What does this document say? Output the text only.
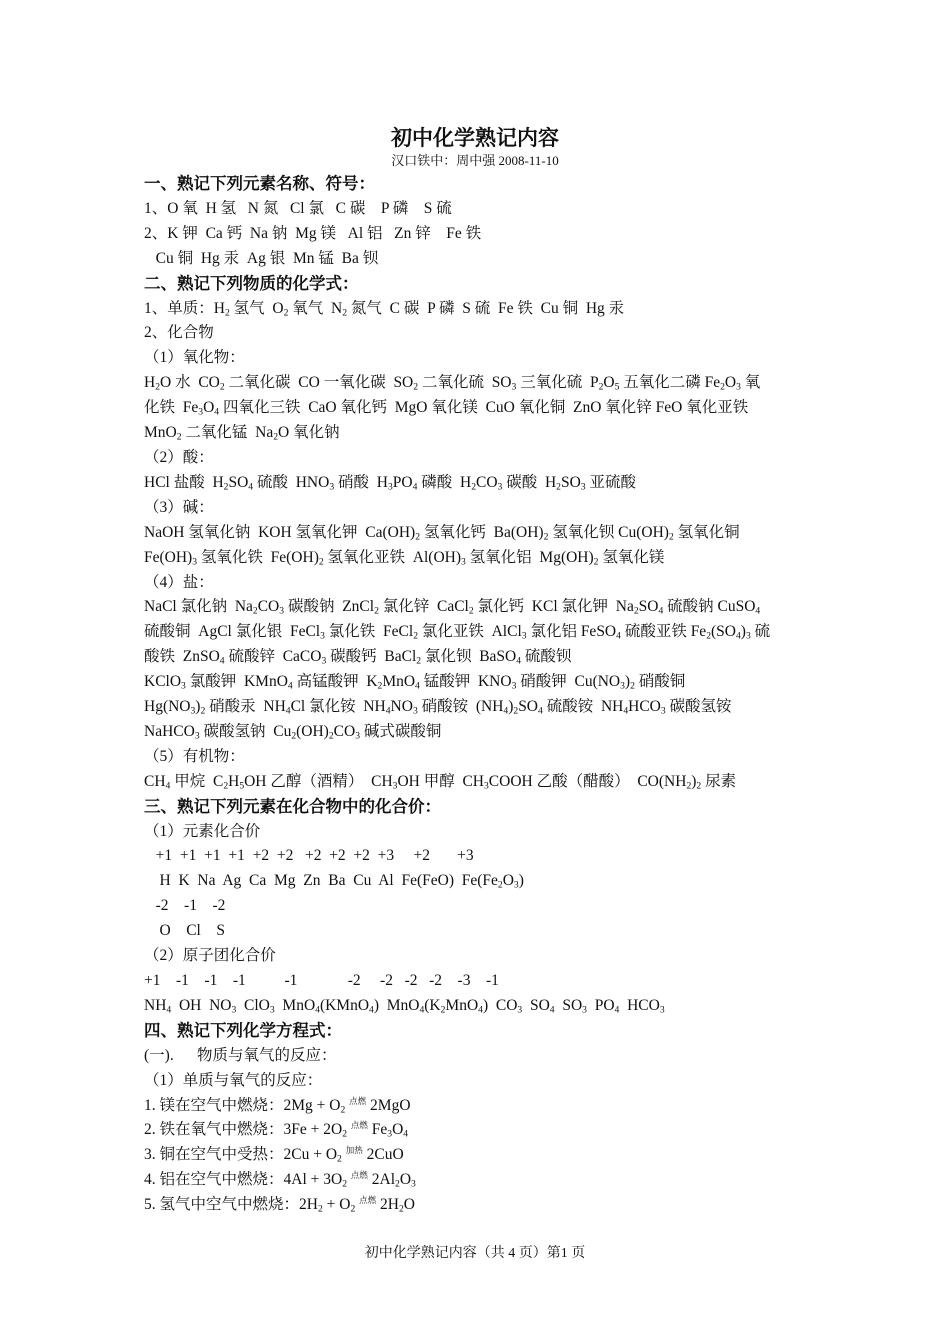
初中化学熟记内容

汉口铁中：周中强 2008-11-10

一、熟记下列元素名称、符号：

1、O 氧  H 氢   N 氮   Cl 氯   C 碳    P 磷    S 硫

2、K 钾  Ca 钙  Na 钠  Mg 镁   Al 铝   Zn 锌    Fe 铁

Cu 铜  Hg 汞  Ag 银  Mn 锰  Ba 钡

二、熟记下列物质的化学式：

1、单质：$H_2$ 氢气  $O_2$ 氧气  $N_2$ 氮气  C 碳  P 磷  S 硫  Fe 铁  Cu 铜  Hg 汞

2、化合物

（1）氧化物：

$H_2O$ 水  $CO_2$ 二氧化碳  CO 一氧化碳  $SO_2$ 二氧化硫  $SO_3$ 三氧化硫  $P_2O_5$ 五氧化二磷 $Fe_2O_3$ 氧

化铁  $Fe_3O_4$ 四氧化三铁  CaO 氧化钙  MgO 氧化镁  CuO 氧化铜  ZnO 氧化锌 FeO 氧化亚铁

MnO$_2$ 二氧化锰  $Na_2O$ 氧化钠

（2）酸：

HCl 盐酸  $H_2SO_4$ 硫酸  $HNO_3$ 硝酸  $H_3PO_4$ 磷酸  $H_2CO_3$ 碳酸  $H_2SO_3$ 亚硫酸

（3）碱：

NaOH 氢氧化钠  KOH 氢氧化钾  $Ca(OH)_2$ 氢氧化钙  $Ba(OH)_2$ 氢氧化钡 $Cu(OH)_2$ 氢氧化铜

$Fe(OH)_3$ 氢氧化铁  $Fe(OH)_2$ 氢氧化亚铁  $Al(OH)_3$ 氢氧化铝  $Mg(OH)_2$ 氢氧化镁

（4）盐：

NaCl 氯化钠  $Na_2CO_3$ 碳酸钠  ZnCl$_2$ 氯化锌  CaCl$_2$ 氯化钙  KCl 氯化钾  $Na_2SO_4$ 硫酸钠 CuSO$_4$

硫酸铜  AgCl 氯化银  FeCl$_3$ 氯化铁  FeCl$_2$ 氯化亚铁  AlCl$_3$ 氯化铝 FeSO$_4$ 硫酸亚铁 $Fe_2(SO_4)_3$ 硫

酸铁  ZnSO$_4$ 硫酸锌  CaCO$_3$ 碳酸钙  BaCl$_2$ 氯化钡  BaSO$_4$ 硫酸钡

KClO$_3$ 氯酸钾  KMnO$_4$ 高锰酸钾  $K_2MnO_4$ 锰酸钾  $KNO_3$ 硝酸钾  $Cu(NO_3)_2$ 硝酸铜

$Hg(NO_3)_2$ 硝酸汞  $NH_4Cl$ 氯化铵  $NH_4NO_3$ 硝酸铵  $(NH_4)_2SO_4$ 硫酸铵  $NH_4HCO_3$ 碳酸氢铵

NaHCO$_3$ 碳酸氢钠  $Cu_2(OH)_2CO_3$ 碱式碳酸铜

（5）有机物：

$CH_4$ 甲烷  $C_2H_5OH$ 乙醇（酒精）  $CH_3OH$ 甲醇  $CH_3COOH$ 乙酸（醋酸）  $CO(NH_2)_2$ 尿素

三、熟记下列元素在化合物中的化合价：

（1）元素化合价

+1  +1  +1  +1  +2  +2   +2  +2  +2  +3     +2       +3

H  K  Na  Ag  Ca  Mg  Zn  Ba  Cu  Al  Fe(FeO)  $Fe(Fe_2O_3)$

-2    -1    -2

O    Cl    S

（2）原子团化合价

+1    -1    -1    -1          -1             -2     -2   -2   -2    -3    -1

$NH_4$  OH  $NO_3$  ClO$_3$  MnO$_4$(KMnO$_4$)  $MnO_4(K_2MnO_4)$  $CO_3$  $SO_4$  $SO_3$  $PO_4$  $HCO_3$

四、熟记下列化学方程式：

(一).      物质与氧气的反应：

（1）单质与氧气的反应：

1. 镁在空气中燃烧：$2Mg + O_2$ $^{点燃}$ 2MgO

2. 铁在氧气中燃烧：$3Fe + 2O_2$ $^{点燃}$ $Fe_3O_4$

3. 铜在空气中受热：$2Cu + O_2$ $^{加热}$ 2CuO

4. 铝在空气中燃烧：$4Al + 3O_2$ $^{点燃}$ $2Al_2O_3$

5. 氢气中空气中燃烧：$2H_2 + O_2$ $^{点燃}$ $2H_2O$

初中化学熟记内容（共 4 页）第1 页
